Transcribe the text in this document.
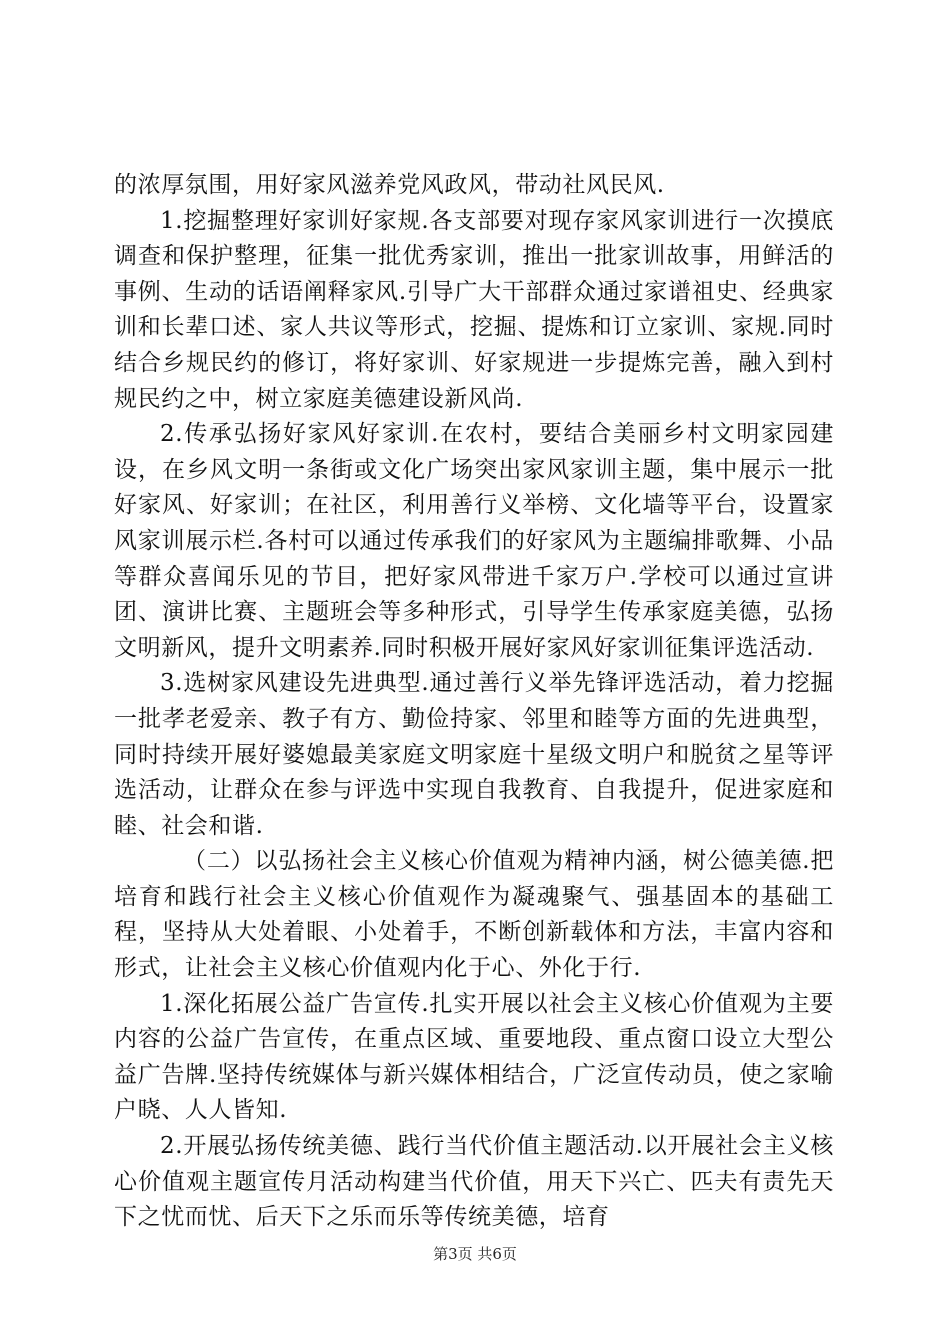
的浓厚氛围，用好家风滋养党风政风，带动社风民风.

1.挖掘整理好家训好家规.各支部要对现存家风家训进行一次摸底调查和保护整理，征集一批优秀家训，推出一批家训故事，用鲜活的事例、生动的话语阐释家风.引导广大干部群众通过家谱祖史、经典家训和长辈口述、家人共议等形式，挖掘、提炼和订立家训、家规.同时结合乡规民约的修订，将好家训、好家规进一步提炼完善，融入到村规民约之中，树立家庭美德建设新风尚.

2.传承弘扬好家风好家训.在农村，要结合美丽乡村文明家园建设，在乡风文明一条街或文化广场突出家风家训主题，集中展示一批好家风、好家训；在社区，利用善行义举榜、文化墙等平台，设置家风家训展示栏.各村可以通过传承我们的好家风为主题编排歌舞、小品等群众喜闻乐见的节目，把好家风带进千家万户.学校可以通过宣讲团、演讲比赛、主题班会等多种形式，引导学生传承家庭美德，弘扬文明新风，提升文明素养.同时积极开展好家风好家训征集评选活动.

3.选树家风建设先进典型.通过善行义举先锋评选活动，着力挖掘一批孝老爱亲、教子有方、勤俭持家、邻里和睦等方面的先进典型，同时持续开展好婆媳最美家庭文明家庭十星级文明户和脱贫之星等评选活动，让群众在参与评选中实现自我教育、自我提升，促进家庭和睦、社会和谐.

（二）以弘扬社会主义核心价值观为精神内涵，树公德美德.把培育和践行社会主义核心价值观作为凝魂聚气、强基固本的基础工程，坚持从大处着眼、小处着手，不断创新载体和方法，丰富内容和形式，让社会主义核心价值观内化于心、外化于行.

1.深化拓展公益广告宣传.扎实开展以社会主义核心价值观为主要内容的公益广告宣传，在重点区域、重要地段、重点窗口设立大型公益广告牌.坚持传统媒体与新兴媒体相结合，广泛宣传动员，使之家喻户晓、人人皆知.

2.开展弘扬传统美德、践行当代价值主题活动.以开展社会主义核心价值观主题宣传月活动构建当代价值，用天下兴亡、匹夫有责先天下之忧而忧、后天下之乐而乐等传统美德，培育

第3页 共6页
